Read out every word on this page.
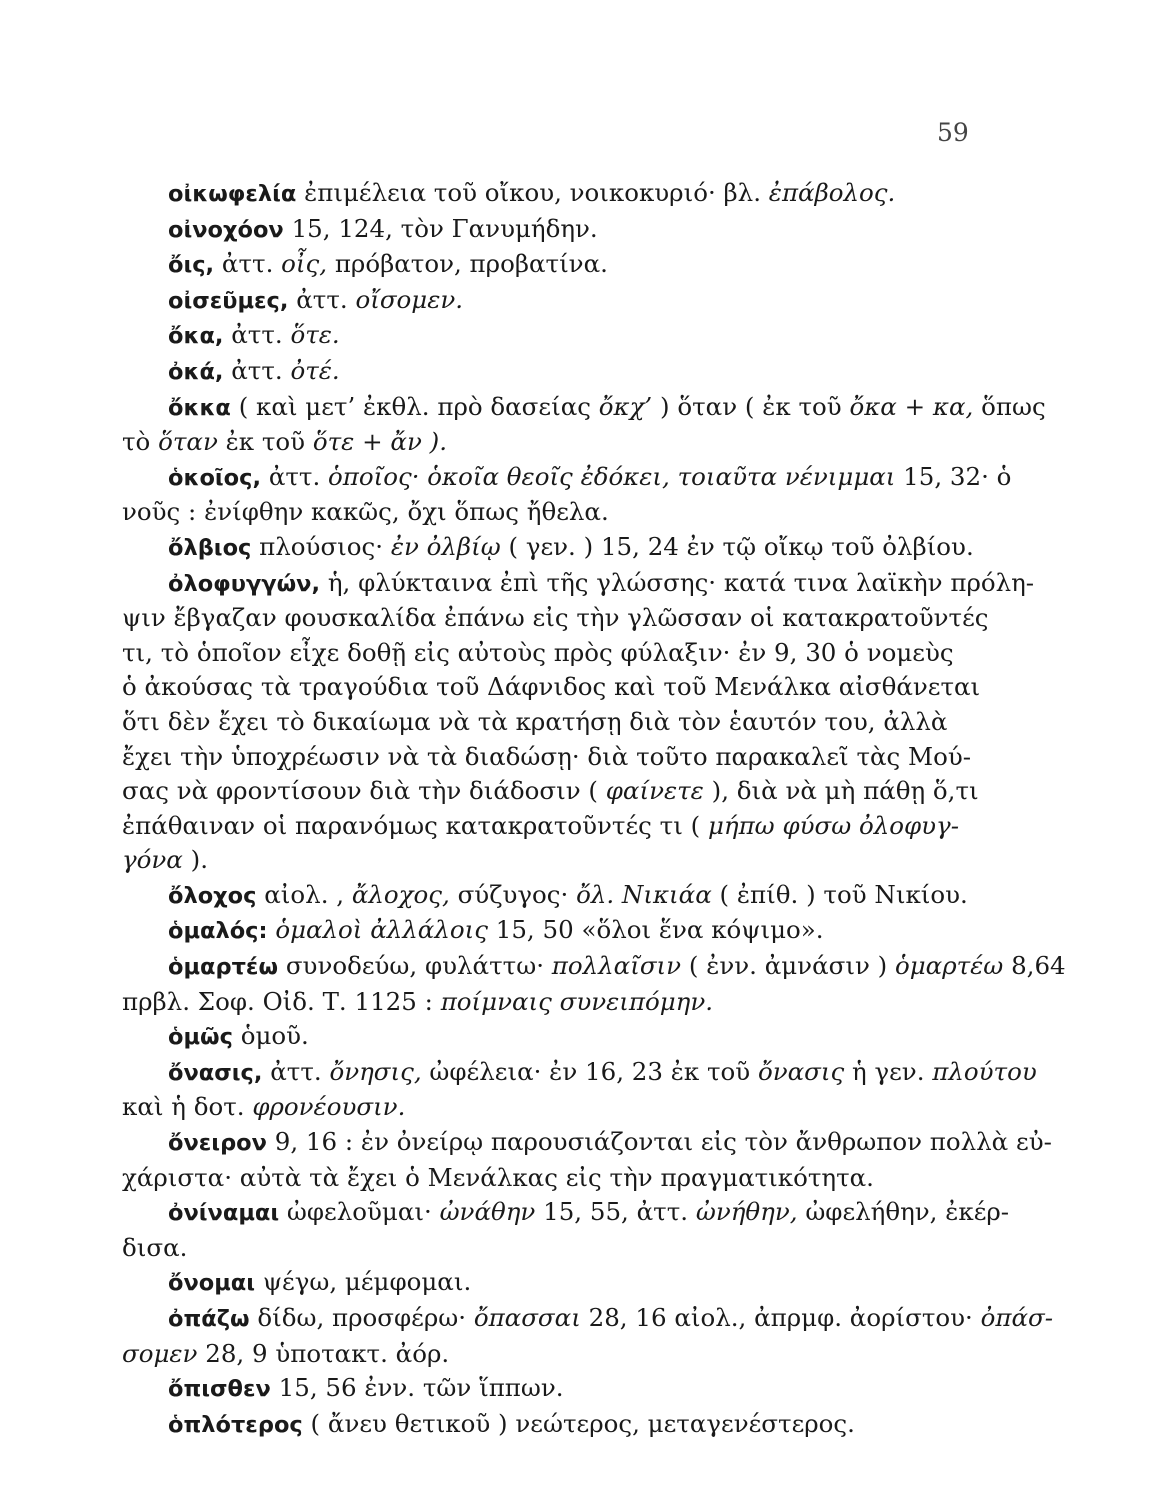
59
οἰκωφελία ἐπιμέλεια τοῦ οἴκου, νοικοκυριό· βλ. ἐπάβολος.
οἰνοχόον 15, 124, τὸν Γανυμήδην.
ὄις, ἀττ. οἶς, πρόβατον, προβατίνα.
οἰσεῦμες, ἀττ. οἴσομεν.
ὄκα, ἀττ. ὅτε.
ὀκά, ἀττ. ὀτέ.
ὄκκα ( καὶ μετ’ ἐκθλ. πρὸ δασείας ὄκχ’ ) ὅταν ( ἐκ τοῦ ὄκα + κα, ὅπως
τὸ ὅταν ἐκ τοῦ ὅτε + ἄν ).
ὁκοῖος, ἀττ. ὁποῖος· ὁκοῖα θεοῖς ἐδόκει, τοιαῦτα νένιμμαι 15, 32· ὁ
νοῦς : ἐνίφθην κακῶς, ὄχι ὅπως ἤθελα.
ὄλβιος πλούσιος· ἐν ὀλβίῳ ( γεν. ) 15, 24 ἐν τῷ οἴκῳ τοῦ ὀλβίου.
ὀλοφυγγών, ἡ, φλύκταινα ἐπὶ τῆς γλώσσης· κατά τινα λαϊκὴν πρόλη-
ψιν ἔβγαζαν φουσκαλίδα ἐπάνω εἰς τὴν γλῶσσαν οἱ κατακρατοῦντές
τι, τὸ ὁποῖον εἶχε δοθῇ εἰς αὐτοὺς πρὸς φύλαξιν· ἐν 9, 30 ὁ νομεὺς
ὁ ἀκούσας τὰ τραγούδια τοῦ Δάφνιδος καὶ τοῦ Μενάλκα αἰσθάνεται
ὅτι δὲν ἔχει τὸ δικαίωμα νὰ τὰ κρατήσῃ διὰ τὸν ἑαυτόν του, ἀλλὰ
ἔχει τὴν ὑποχρέωσιν νὰ τὰ διαδώσῃ· διὰ τοῦτο παρακαλεῖ τὰς Μού-
σας νὰ φροντίσουν διὰ τὴν διάδοσιν ( φαίνετε ), διὰ νὰ μὴ πάθῃ ὅ,τι
ἐπάθαιναν οἱ παρανόμως κατακρατοῦντές τι ( μήπω φύσω ὀλοφυγ-
γόνα ).
ὄλοχος αἰολ. , ἄλοχος, σύζυγος· ὄλ. Νικιάα ( ἐπίθ. ) τοῦ Νικίου.
ὁμαλός: ὁμαλοὶ ἀλλάλοις 15, 50 «ὅλοι ἕνα κόψιμο».
ὁμαρτέω συνοδεύω, φυλάττω· πολλαῖσιν ( ἐνν. ἀμνάσιν ) ὁμαρτέω 8,64
πρβλ. Σοφ. Οἰδ. Τ. 1125 : ποίμναις συνειπόμην.
ὁμῶς ὁμοῦ.
ὄνασις, ἀττ. ὄνησις, ὠφέλεια· ἐν 16, 23 ἐκ τοῦ ὄνασις ἡ γεν. πλούτου
καὶ ἡ δοτ. φρονέουσιν.
ὄνειρον 9, 16 : ἐν ὀνείρῳ παρουσιάζονται εἰς τὸν ἄνθρωπον πολλὰ εὐ-
χάριστα· αὐτὰ τὰ ἔχει ὁ Μενάλκας εἰς τὴν πραγματικότητα.
ὀνίναμαι ὠφελοῦμαι· ὠνάθην 15, 55, ἀττ. ὠνήθην, ὠφελήθην, ἐκέρ-
δισα.
ὄνομαι ψέγω, μέμφομαι.
ὀπάζω δίδω, προσφέρω· ὄπασσαι 28, 16 αἰολ., ἀπρμφ. ἀορίστου· ὀπάσ-
σομεν 28, 9 ὑποτακτ. ἀόρ.
ὄπισθεν 15, 56 ἐνν. τῶν ἵππων.
ὁπλότερος ( ἄνευ θετικοῦ ) νεώτερος, μεταγενέστερος.
